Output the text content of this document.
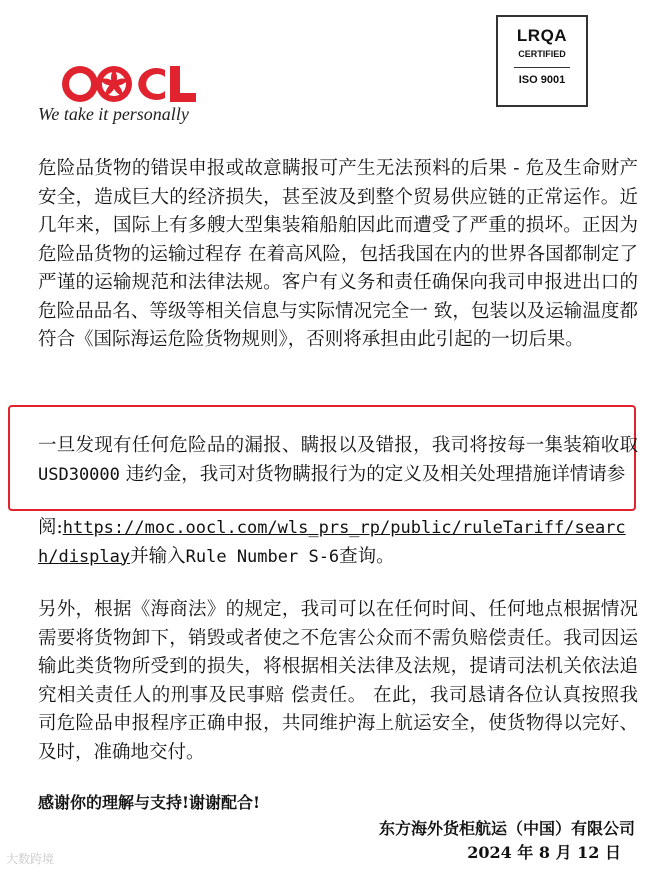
We take it personally
LRQA
CERTIFIED
ISO 9001

危险品货物的错误申报或故意瞒报可产生无法预料的后果 - 危及生命财产安全，造成巨大的经济损失，甚至波及到整个贸易供应链的正常运作。近几年来，国际上有多艘大型集装箱船舶因此而遭受了严重的损坏。正因为危险品货物的运输过程存 在着高风险，包括我国在内的世界各国都制定了严谨的运输规范和法律法规。客户有义务和责任确保向我司申报进出口的危险品品名、等级等相关信息与实际情况完全一 致，包装以及运输温度都符合《国际海运危险货物规则》，否则将承担由此引起的一切后果。

一旦发现有任何危险品的漏报、瞒报以及错报，我司将按每一集装箱收取USD30000 违约金，我司对货物瞒报行为的定义及相关处理措施详情请参

阅:https://moc.oocl.com/wls_prs_rp/public/ruleTariff/search/display并输入Rule Number S-6查询。

另外，根据《海商法》的规定，我司可以在任何时间、任何地点根据情况需要将货物卸下，销毁或者使之不危害公众而不需负赔偿责任。我司因运输此类货物所受到的损失，将根据相关法律及法规，提请司法机关依法追究相关责任人的刑事及民事赔 偿责任。 在此，我司恳请各位认真按照我司危险品申报程序正确申报，共同维护海上航运安全，使货物得以完好、及时，准确地交付。

感谢你的理解与支持!谢谢配合!
东方海外货柜航运（中国）有限公司
2024 年 8 月 12 日
大数跨境
